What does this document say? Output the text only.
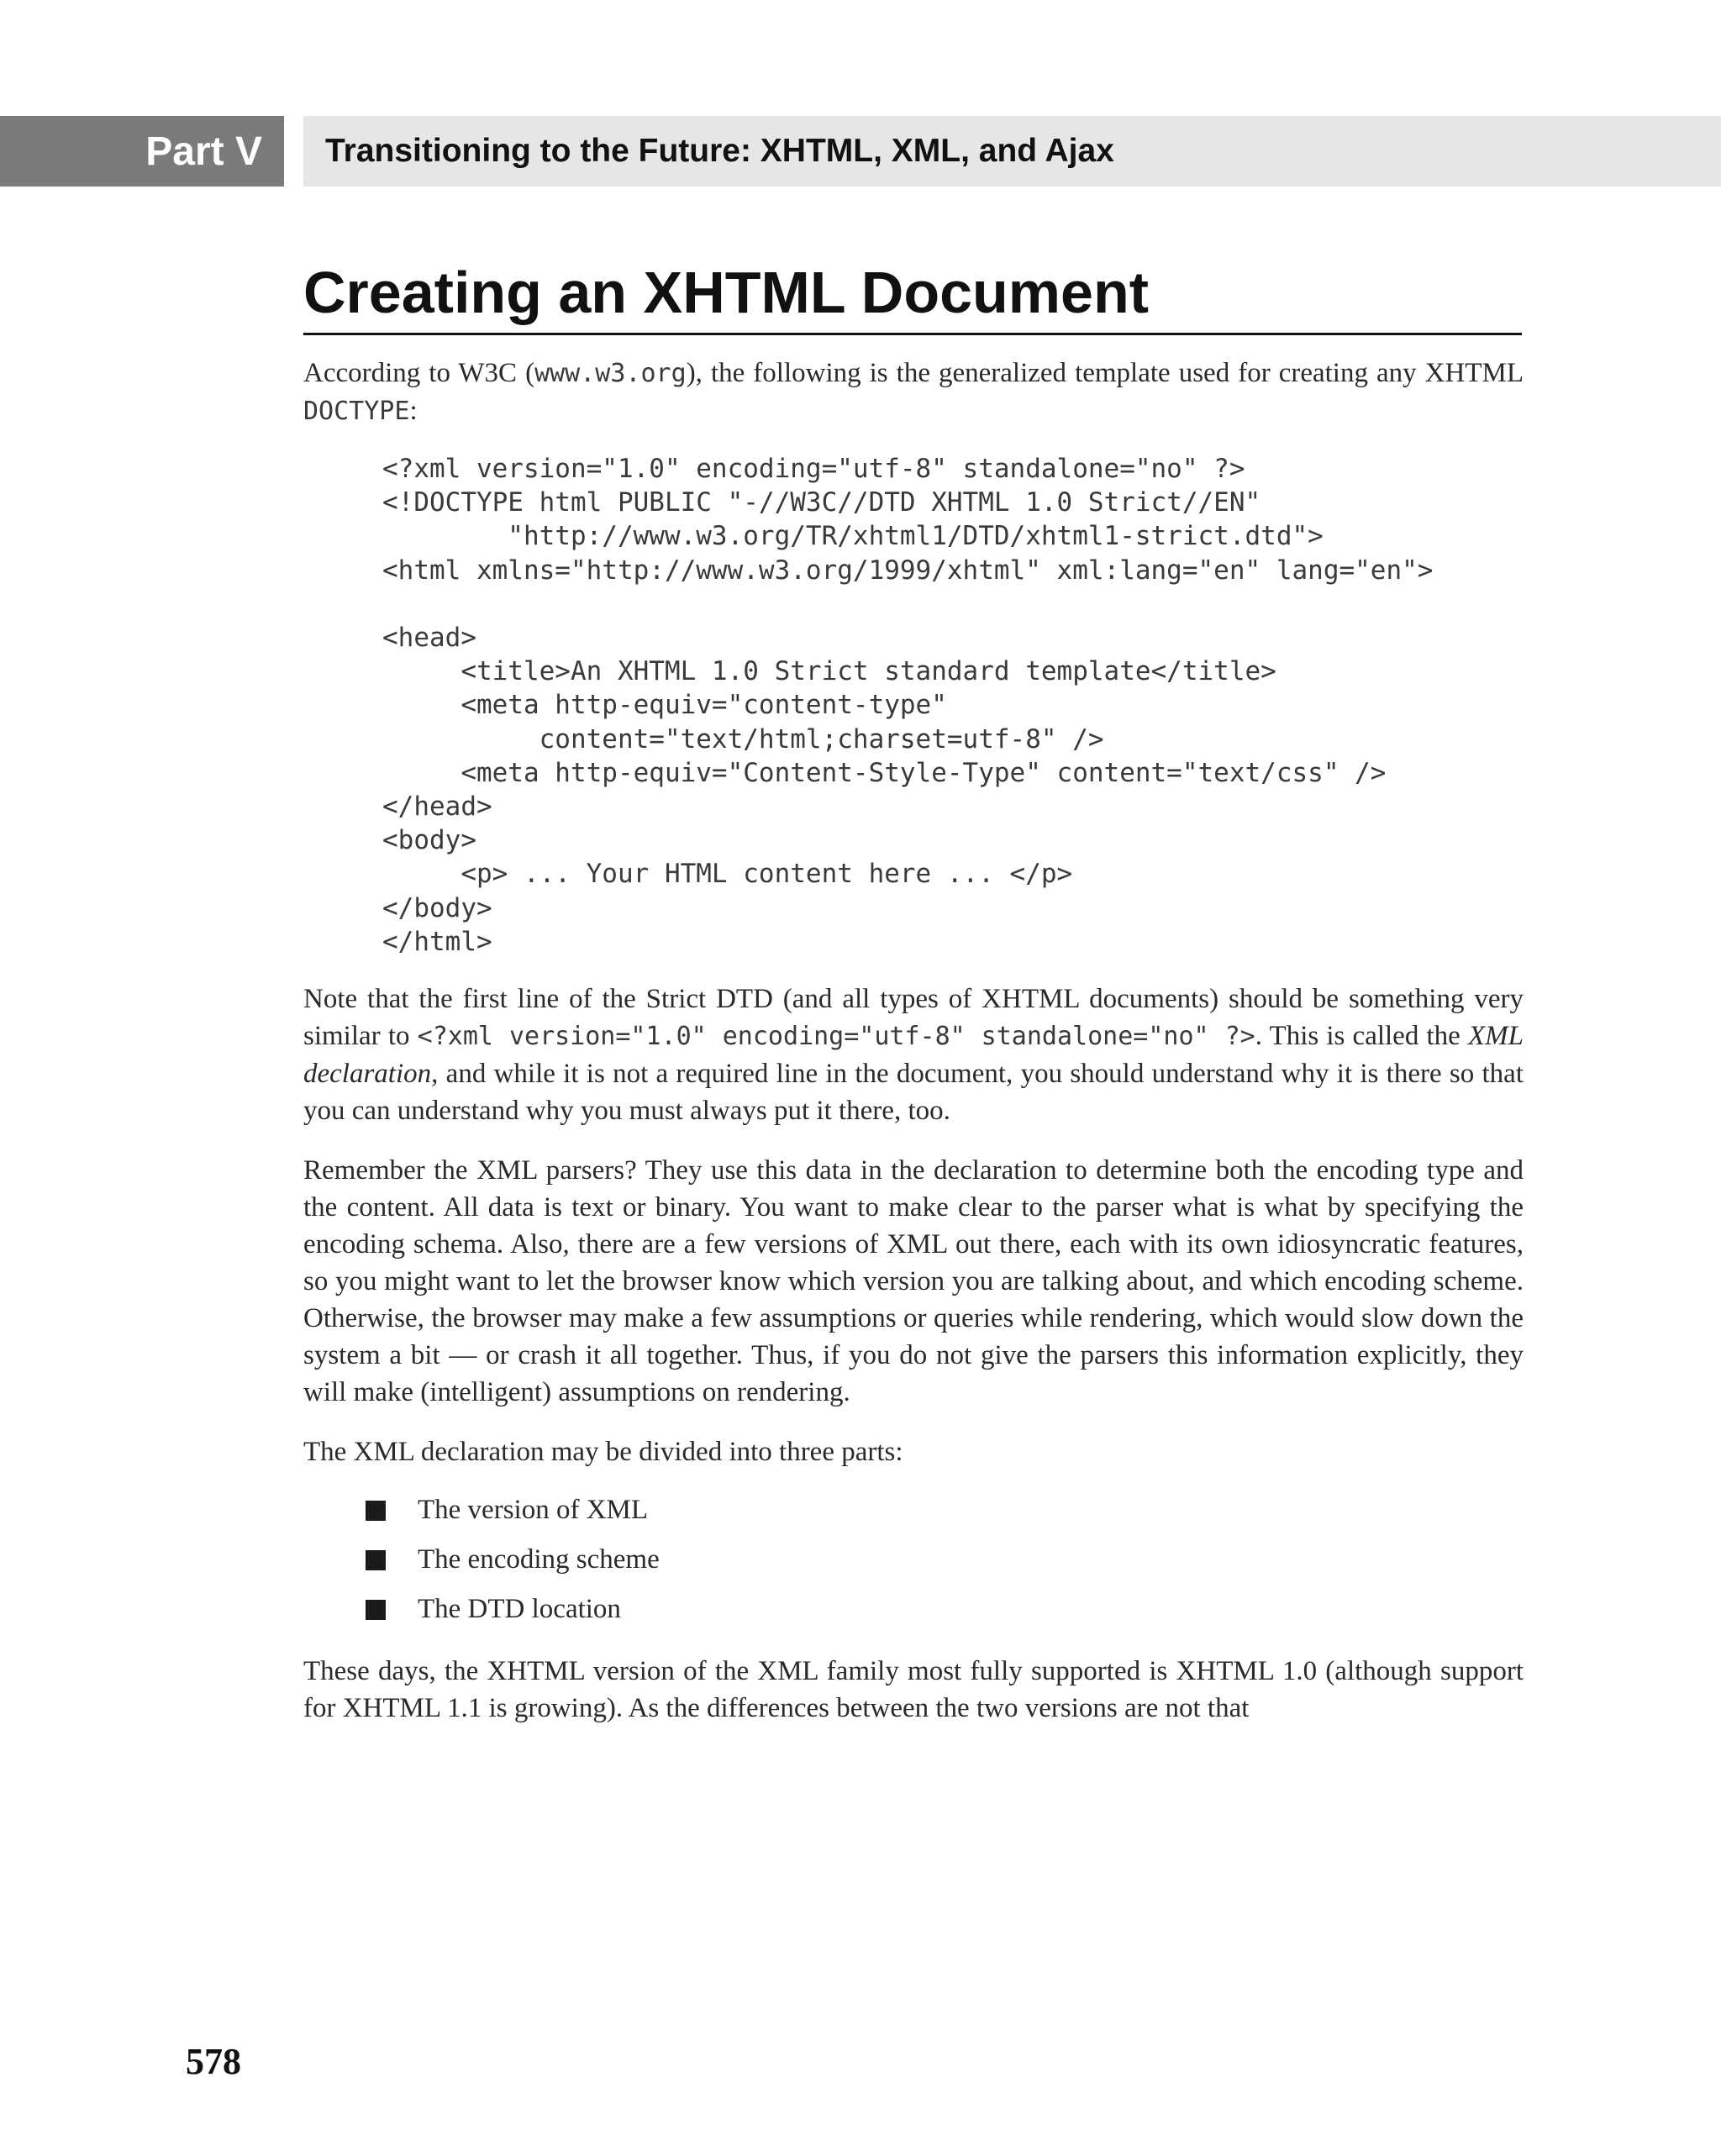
Part V	Transitioning to the Future: XHTML, XML, and Ajax
Creating an XHTML Document

According to W3C (www.w3.org), the following is the generalized template used for creating any XHTML DOCTYPE:

<?xml version="1.0" encoding="utf-8" standalone="no" ?>
<!DOCTYPE html PUBLIC "-//W3C//DTD XHTML 1.0 Strict//EN"
"http://www.w3.org/TR/xhtml1/DTD/xhtml1-strict.dtd">
<html xmlns="http://www.w3.org/1999/xhtml" xml:lang="en" lang="en">

<head>
<title>An XHTML 1.0 Strict standard template</title>
<meta http-equiv="content-type"
content="text/html;charset=utf-8" />
<meta http-equiv="Content-Style-Type" content="text/css" />
</head>
<body>
<p> ... Your HTML content here ... </p>
</body>
</html>

Note that the first line of the Strict DTD (and all types of XHTML documents) should be something very similar to <?xml version="1.0" encoding="utf-8" standalone="no" ?>. This is called the XML declaration, and while it is not a required line in the document, you should understand why it is there so that you can understand why you must always put it there, too.

Remember the XML parsers? They use this data in the declaration to determine both the encoding type and the content. All data is text or binary. You want to make clear to the parser what is what by specifying the encoding schema. Also, there are a few versions of XML out there, each with its own idiosyncratic features, so you might want to let the browser know which version you are talking about, and which encoding scheme. Otherwise, the browser may make a few assumptions or queries while rendering, which would slow down the system a bit — or crash it all together. Thus, if you do not give the parsers this information explicitly, they will make (intelligent) assumptions on rendering.

The XML declaration may be divided into three parts:

The version of XML
The encoding scheme
The DTD location

These days, the XHTML version of the XML family most fully supported is XHTML 1.0 (although support for XHTML 1.1 is growing). As the differences between the two versions are not that

578
